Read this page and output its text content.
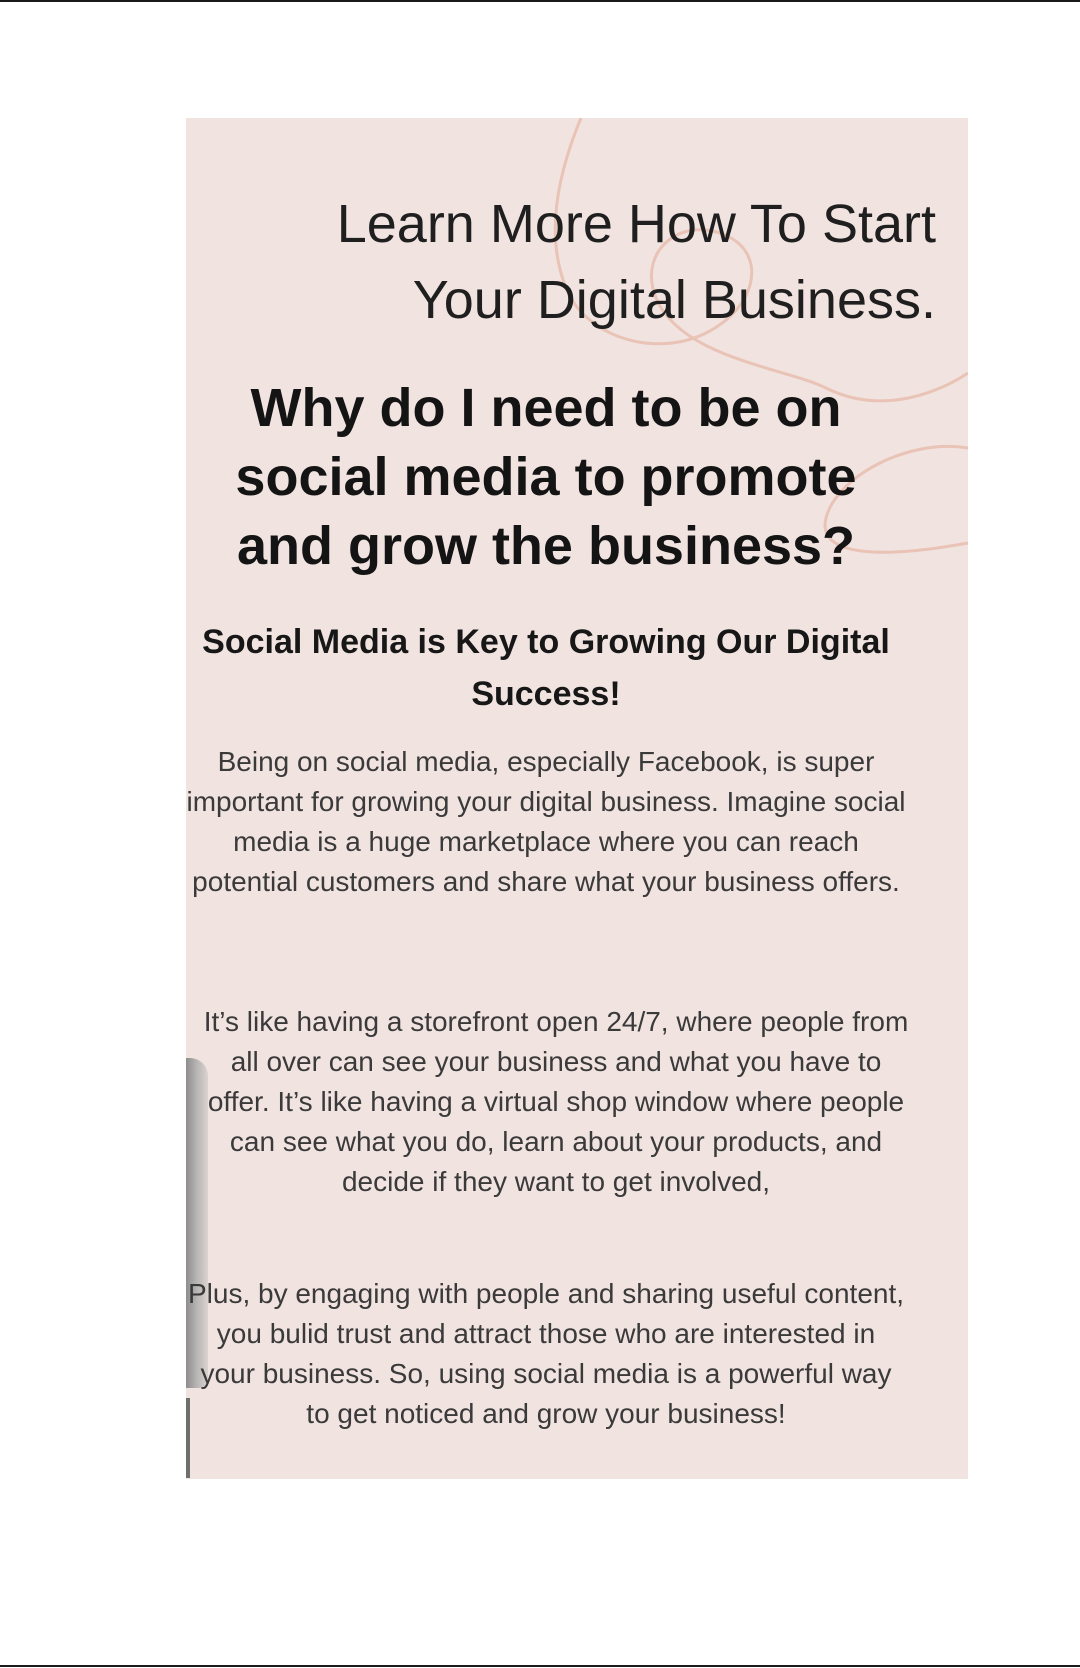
Learn More How To Start
Your Digital Business.
Why do I need to be on social media to promote and grow the business?
Social Media is Key to Growing Our Digital Success!

Being on social media, especially Facebook, is super important for growing your digital business. Imagine social media is a huge marketplace where you can reach potential customers and share what your business offers.

It’s like having a storefront open 24/7, where people from all over can see your business and what you have to offer. It’s like having a virtual shop window where people can see what you do, learn about your products, and decide if they want to get involved,

Plus, by engaging with people and sharing useful content, you bulid trust and attract those who are interested in your business. So, using social media is a powerful way to get noticed and grow your business!
